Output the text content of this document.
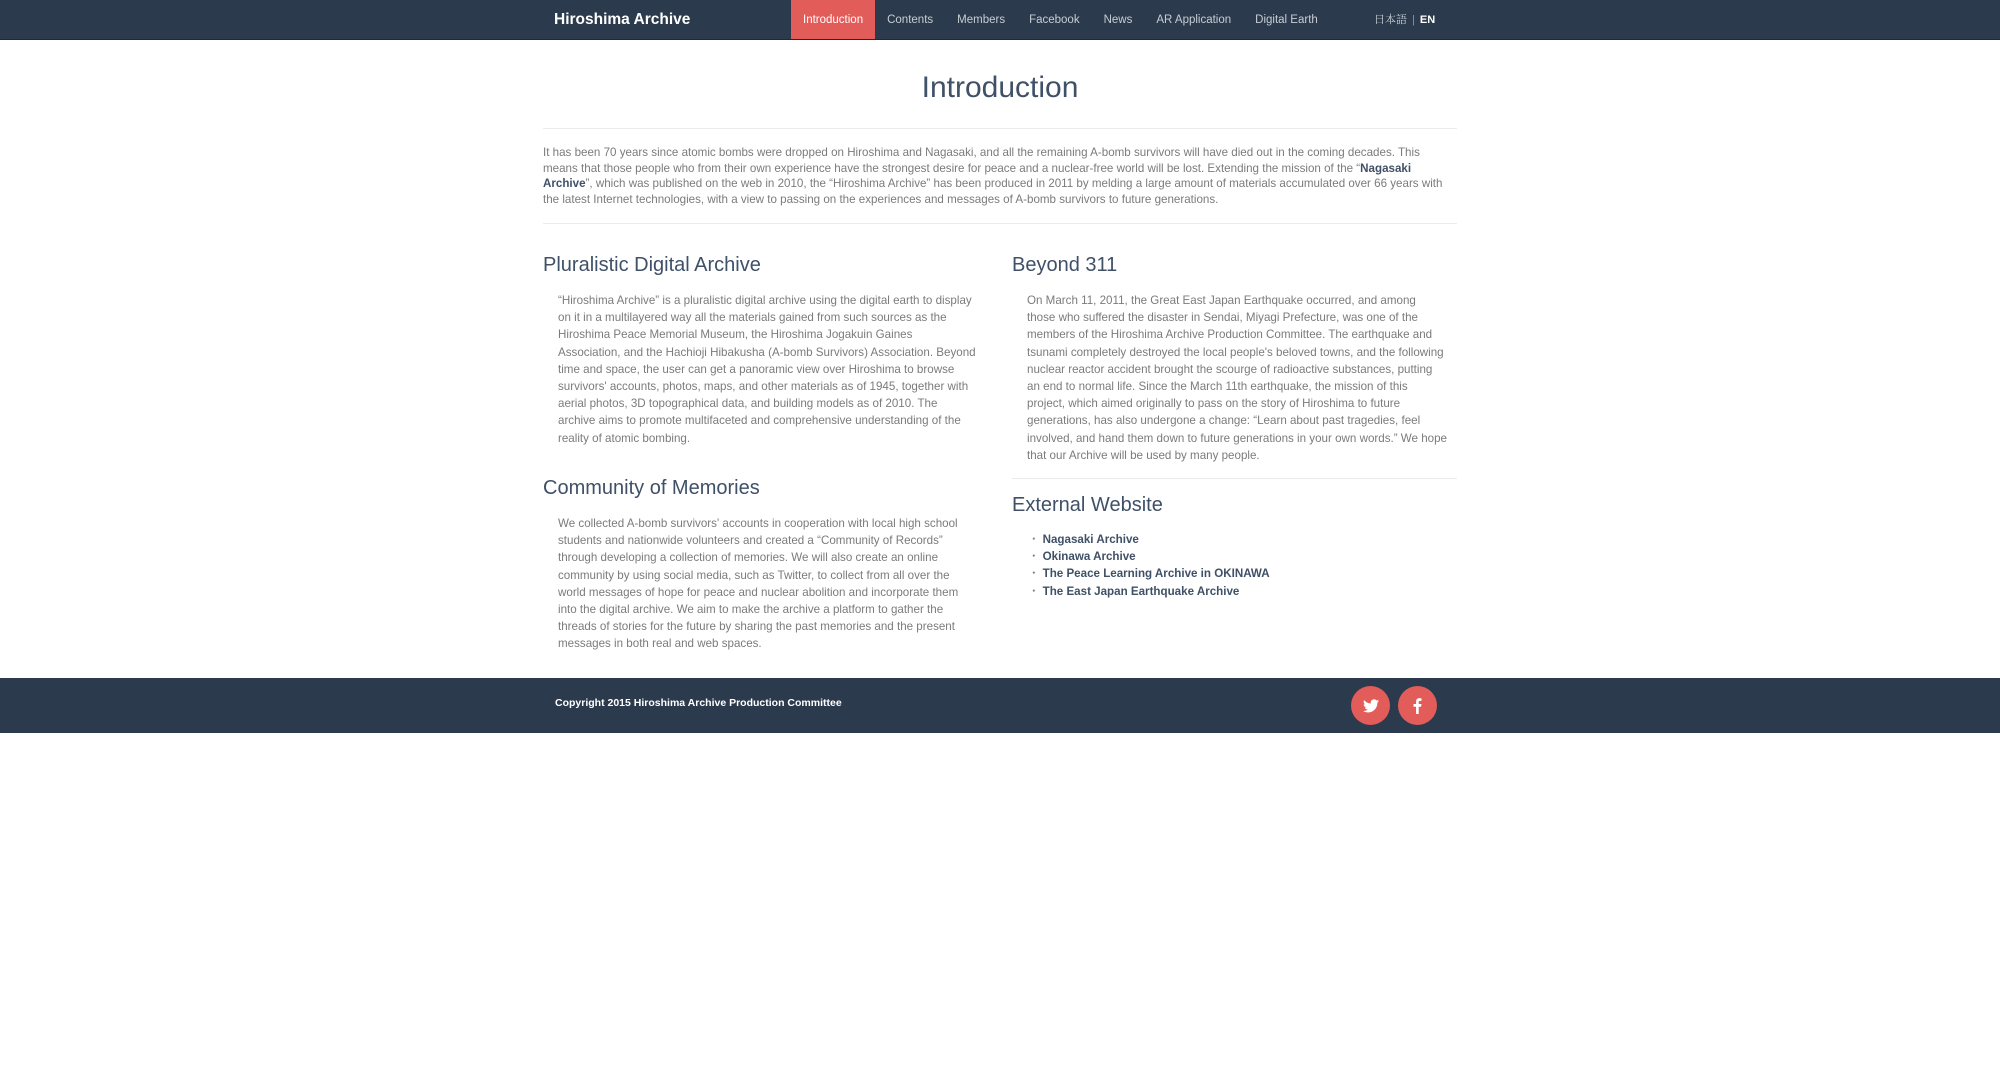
Hiroshima Archive	Introduction	Contents	Members	Facebook	News	AR Application	Digital Earth	日本語 | EN
Introduction

It has been 70 years since atomic bombs were dropped on Hiroshima and Nagasaki, and all the remaining A-bomb survivors will have died out in the coming decades. This means that those people who from their own experience have the strongest desire for peace and a nuclear-free world will be lost. Extending the mission of the “Nagasaki Archive”, which was published on the web in 2010, the “Hiroshima Archive” has been produced in 2011 by melding a large amount of materials accumulated over 66 years with the latest Internet technologies, with a view to passing on the experiences and messages of A-bomb survivors to future generations.

Pluralistic Digital Archive

“Hiroshima Archive” is a pluralistic digital archive using the digital earth to display on it in a multilayered way all the materials gained from such sources as the Hiroshima Peace Memorial Museum, the Hiroshima Jogakuin Gaines Association, and the Hachioji Hibakusha (A-bomb Survivors) Association. Beyond time and space, the user can get a panoramic view over Hiroshima to browse survivors' accounts, photos, maps, and other materials as of 1945, together with aerial photos, 3D topographical data, and building models as of 2010. The archive aims to promote multifaceted and comprehensive understanding of the reality of atomic bombing.

Community of Memories

We collected A-bomb survivors' accounts in cooperation with local high school students and nationwide volunteers and created a “Community of Records” through developing a collection of memories. We will also create an online community by using social media, such as Twitter, to collect from all over the world messages of hope for peace and nuclear abolition and incorporate them into the digital archive. We aim to make the archive a platform to gather the threads of stories for the future by sharing the past memories and the present messages in both real and web spaces.

Beyond 311

On March 11, 2011, the Great East Japan Earthquake occurred, and among those who suffered the disaster in Sendai, Miyagi Prefecture, was one of the members of the Hiroshima Archive Production Committee. The earthquake and tsunami completely destroyed the local people's beloved towns, and the following nuclear reactor accident brought the scourge of radioactive substances, putting an end to normal life. Since the March 11th earthquake, the mission of this project, which aimed originally to pass on the story of Hiroshima to future generations, has also undergone a change: “Learn about past tragedies, feel involved, and hand them down to future generations in your own words.” We hope that our Archive will be used by many people.

External Website
・ Nagasaki Archive
・ Okinawa Archive
・ The Peace Learning Archive in OKINAWA
・ The East Japan Earthquake Archive
Copyright 2015 Hiroshima Archive Production Committee
